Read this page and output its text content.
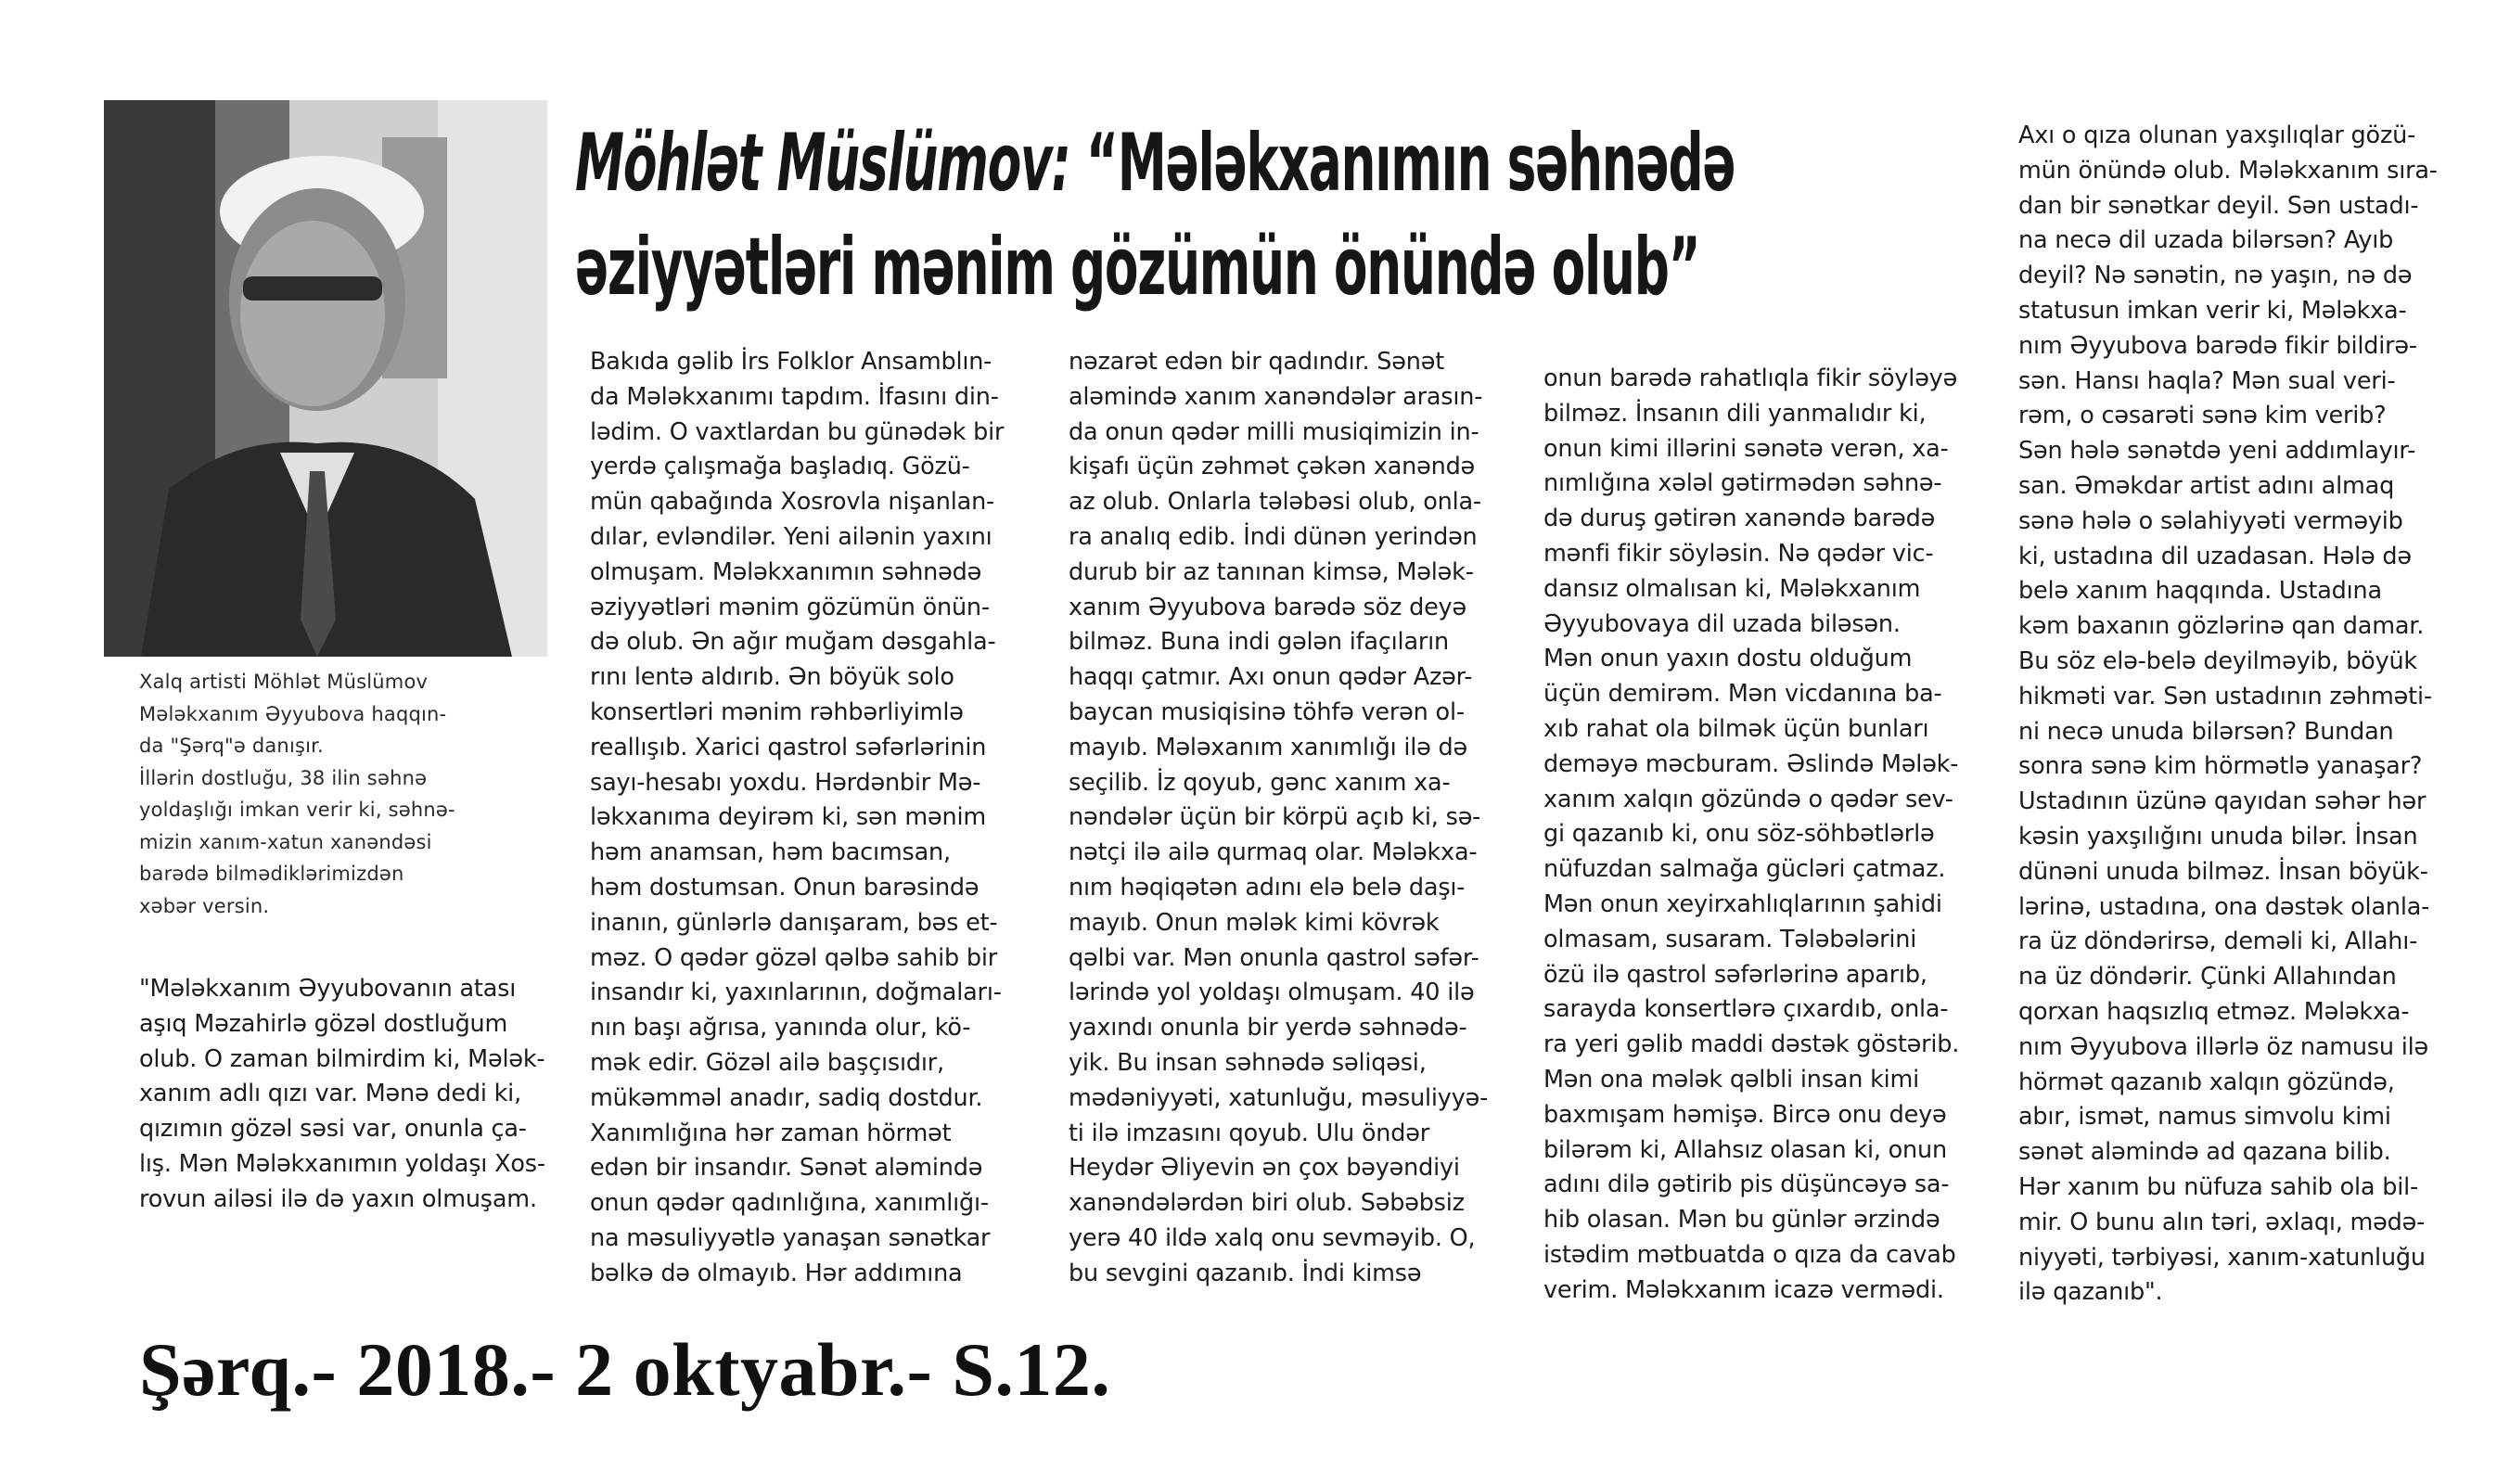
Xalq artisti Möhlət Müslümov
Mələkxanım Əyyubova haqqın-
da "Şərq"ə danışır.
İllərin dostluğu, 38 ilin səhnə
yoldaşlığı imkan verir ki, səhnə-
mizin xanım-xatun xanəndəsi
barədə bilmədiklərimizdən
xəbər versin.
Möhlət Müslümov: “Mələkxanımın səhnədə
əziyyətləri mənim gözümün önündə olub”
"Mələkxanım Əyyubovanın atası
aşıq Məzahirlə gözəl dostluğum
olub. O zaman bilmirdim ki, Mələk-
xanım adlı qızı var. Mənə dedi ki,
qızımın gözəl səsi var, onunla ça-
lış. Mən Mələkxanımın yoldaşı Xos-
rovun ailəsi ilə də yaxın olmuşam.
Bakıda gəlib İrs Folklor Ansamblın-
da Mələkxanımı tapdım. İfasını din-
lədim. O vaxtlardan bu günədək bir
yerdə çalışmağa başladıq. Gözü-
mün qabağında Xosrovla nişanlan-
dılar, evləndilər. Yeni ailənin yaxını
olmuşam. Mələkxanımın səhnədə
əziyyətləri mənim gözümün önün-
də olub. Ən ağır muğam dəsgahla-
rını lentə aldırıb. Ən böyük solo
konsertləri mənim rəhbərliyimlə
reallışıb. Xarici qastrol səfərlərinin
sayı-hesabı yoxdu. Hərdənbir Mə-
ləkxanıma deyirəm ki, sən mənim
həm anamsan, həm bacımsan,
həm dostumsan. Onun barəsində
inanın, günlərlə danışaram, bəs et-
məz. O qədər gözəl qəlbə sahib bir
insandır ki, yaxınlarının, doğmaları-
nın başı ağrısa, yanında olur, kö-
mək edir. Gözəl ailə başçısıdır,
mükəmməl anadır, sadiq dostdur.
Xanımlığına hər zaman hörmət
edən bir insandır. Sənət aləmində
onun qədər qadınlığına, xanımlığı-
na məsuliyyətlə yanaşan sənətkar
bəlkə də olmayıb. Hər addımına
nəzarət edən bir qadındır. Sənət
aləmində xanım xanəndələr arasın-
da onun qədər milli musiqimizin in-
kişafı üçün zəhmət çəkən xanəndə
az olub. Onlarla tələbəsi olub, onla-
ra analıq edib. İndi dünən yerindən
durub bir az tanınan kimsə, Mələk-
xanım Əyyubova barədə söz deyə
bilməz. Buna indi gələn ifaçıların
haqqı çatmır. Axı onun qədər Azər-
baycan musiqisinə töhfə verən ol-
mayıb. Mələxanım xanımlığı ilə də
seçilib. İz qoyub, gənc xanım xa-
nəndələr üçün bir körpü açıb ki, sə-
nətçi ilə ailə qurmaq olar. Mələkxa-
nım həqiqətən adını elə belə daşı-
mayıb. Onun mələk kimi kövrək
qəlbi var. Mən onunla qastrol səfər-
lərində yol yoldaşı olmuşam. 40 ilə
yaxındı onunla bir yerdə səhnədə-
yik. Bu insan səhnədə səliqəsi,
mədəniyyəti, xatunluğu, məsuliyyə-
ti ilə imzasını qoyub. Ulu öndər
Heydər Əliyevin ən çox bəyəndiyi
xanəndələrdən biri olub. Səbəbsiz
yerə 40 ildə xalq onu sevməyib. O,
bu sevgini qazanıb. İndi kimsə
onun barədə rahatlıqla fikir söyləyə
bilməz. İnsanın dili yanmalıdır ki,
onun kimi illərini sənətə verən, xa-
nımlığına xələl gətirmədən səhnə-
də duruş gətirən xanəndə barədə
mənfi fikir söyləsin. Nə qədər vic-
dansız olmalısan ki, Mələkxanım
Əyyubovaya dil uzada biləsən.
Mən onun yaxın dostu olduğum
üçün demirəm. Mən vicdanına ba-
xıb rahat ola bilmək üçün bunları
deməyə məcburam. Əslində Mələk-
xanım xalqın gözündə o qədər sev-
gi qazanıb ki, onu söz-söhbətlərlə
nüfuzdan salmağa gücləri çatmaz.
Mən onun xeyirxahlıqlarının şahidi
olmasam, susaram. Tələbələrini
özü ilə qastrol səfərlərinə aparıb,
sarayda konsertlərə çıxardıb, onla-
ra yeri gəlib maddi dəstək göstərib.
Mən ona mələk qəlbli insan kimi
baxmışam həmişə. Bircə onu deyə
bilərəm ki, Allahsız olasan ki, onun
adını dilə gətirib pis düşüncəyə sa-
hib olasan. Mən bu günlər ərzində
istədim mətbuatda o qıza da cavab
verim. Mələkxanım icazə vermədi.
Axı o qıza olunan yaxşılıqlar gözü-
mün önündə olub. Mələkxanım sıra-
dan bir sənətkar deyil. Sən ustadı-
na necə dil uzada bilərsən? Ayıb
deyil? Nə sənətin, nə yaşın, nə də
statusun imkan verir ki, Mələkxa-
nım Əyyubova barədə fikir bildirə-
sən. Hansı haqla? Mən sual veri-
rəm, o cəsarəti sənə kim verib?
Sən hələ sənətdə yeni addımlayır-
san. Əməkdar artist adını almaq
sənə hələ o səlahiyyəti verməyib
ki, ustadına dil uzadasan. Hələ də
belə xanım haqqında. Ustadına
kəm baxanın gözlərinə qan damar.
Bu söz elə-belə deyilməyib, böyük
hikməti var. Sən ustadının zəhməti-
ni necə unuda bilərsən? Bundan
sonra sənə kim hörmətlə yanaşar?
Ustadının üzünə qayıdan səhər hər
kəsin yaxşılığını unuda bilər. İnsan
dünəni unuda bilməz. İnsan böyük-
lərinə, ustadına, ona dəstək olanla-
ra üz döndərirsə, deməli ki, Allahı-
na üz döndərir. Çünki Allahından
qorxan haqsızlıq etməz. Mələkxa-
nım Əyyubova illərlə öz namusu ilə
hörmət qazanıb xalqın gözündə,
abır, ismət, namus simvolu kimi
sənət aləmində ad qazana bilib.
Hər xanım bu nüfuza sahib ola bil-
mir. O bunu alın təri, əxlaqı, mədə-
niyyəti, tərbiyəsi, xanım-xatunluğu
ilə qazanıb".
Şərq.- 2018.- 2 oktyabr.- S.12.
